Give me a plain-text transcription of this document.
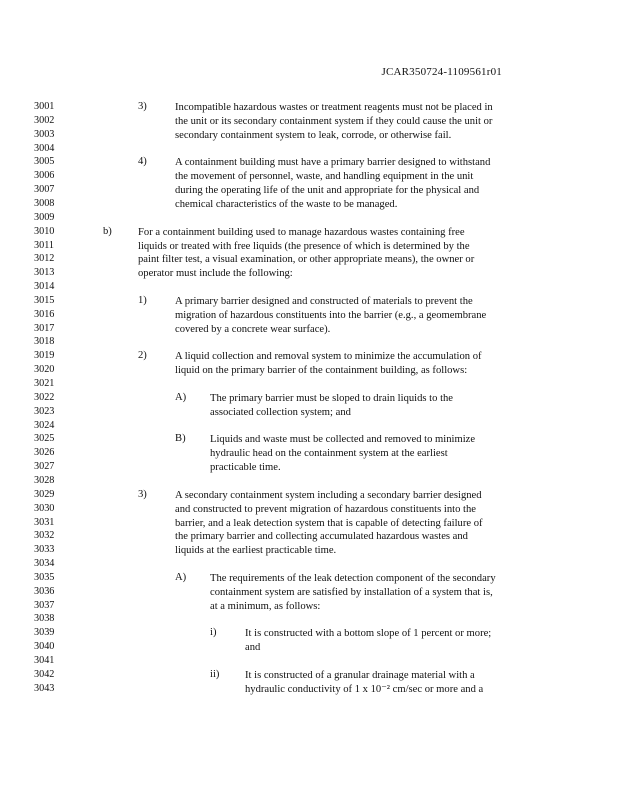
JCAR350724-1109561r01
3001
3002
3003
3004
3005
3006
3007
3008
3009
3010
3011
3012
3013
3014
3015
3016
3017
3018
3019
3020
3021
3022
3023
3024
3025
3026
3027
3028
3029
3030
3031
3032
3033
3034
3035
3036
3037
3038
3039
3040
3041
3042
3043
3)	Incompatible hazardous wastes or treatment reagents must not be placed in
the unit or its secondary containment system if they could cause the unit or
secondary containment system to leak, corrode, or otherwise fail.
4)	A containment building must have a primary barrier designed to withstand
the movement of personnel, waste, and handling equipment in the unit
during the operating life of the unit and appropriate for the physical and
chemical characteristics of the waste to be managed.
b) For a containment building used to manage hazardous wastes containing free
liquids or treated with free liquids (the presence of which is determined by the
paint filter test, a visual examination, or other appropriate means), the owner or
operator must include the following:
1)	A primary barrier designed and constructed of materials to prevent the
migration of hazardous constituents into the barrier (e.g., a geomembrane
covered by a concrete wear surface).
2)	A liquid collection and removal system to minimize the accumulation of
liquid on the primary barrier of the containment building, as follows:
A) The primary barrier must be sloped to drain liquids to the
associated collection system; and
B) Liquids and waste must be collected and removed to minimize
hydraulic head on the containment system at the earliest
practicable time.
3)	A secondary containment system including a secondary barrier designed
and constructed to prevent migration of hazardous constituents into the
barrier, and a leak detection system that is capable of detecting failure of
the primary barrier and collecting accumulated hazardous wastes and
liquids at the earliest practicable time.
A) The requirements of the leak detection component of the secondary
containment system are satisfied by installation of a system that is,
at a minimum, as follows:
i)	It is constructed with a bottom slope of 1 percent or more;
and
ii) It is constructed of a granular drainage material with a
hydraulic conductivity of 1 x 10⁻² cm/sec or more and a
